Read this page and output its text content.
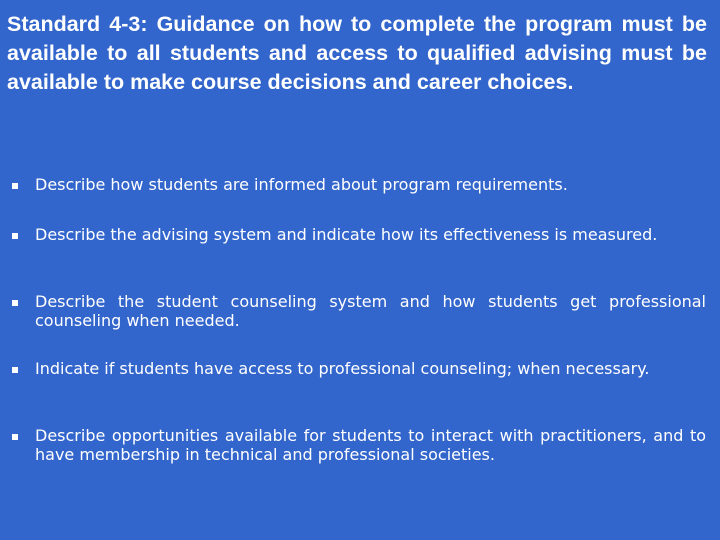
Standard 4-3: Guidance on how to complete the program must be available to all students and access to qualified advising must be available to make course decisions and career choices.

Describe how students are informed about program requirements.

Describe the advising system and indicate how its effectiveness is measured.

Describe the student counseling system and how students get professional counseling when needed.

Indicate if students have access to professional counseling; when necessary.

Describe opportunities available for students to interact with practitioners, and to have membership in technical and professional societies.
